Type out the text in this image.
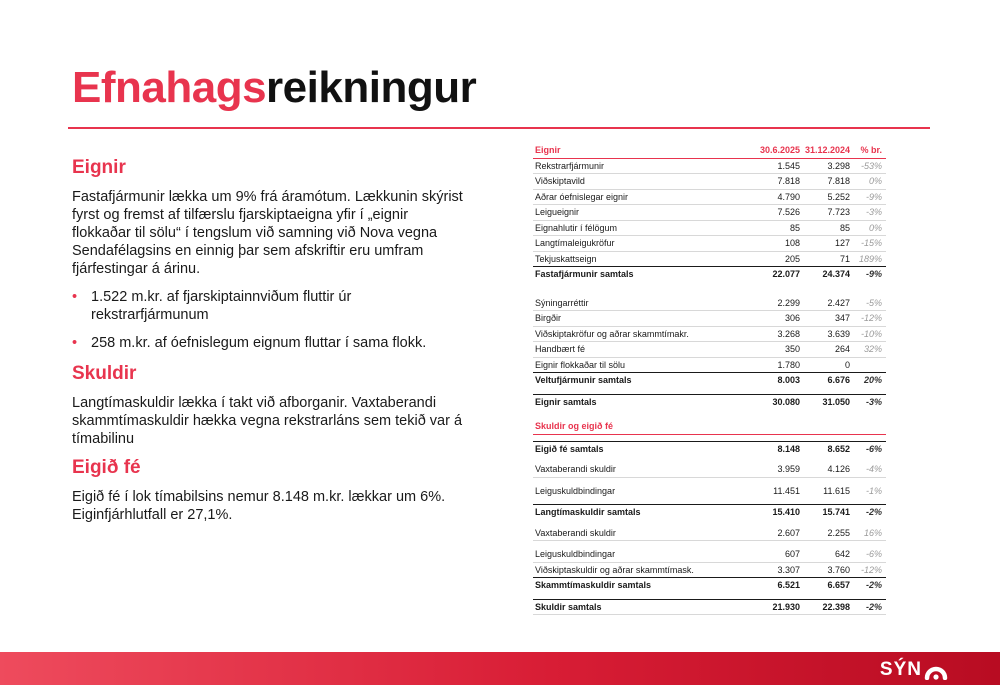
Efnahagsreikningur
Eignir

Fastafjármunir lækka um 9% frá áramótum. Lækkunin skýrist fyrst og fremst af tilfærslu fjarskiptaeigna yfir í „eignir flokkaðar til sölu“ í tengslum við samning við Nova vegna Sendafélagsins en einnig þar sem afskriftir eru umfram fjárfestingar á árinu.

• 1.522 m.kr. af fjarskiptainnviðum fluttir úr rekstrarfjármunum
• 258 m.kr. af óefnislegum eignum fluttar í sama flokk.
Skuldir

Langtímaskuldir lækka í takt við afborganir. Vaxtaberandi skammtímaskuldir hækka vegna rekstrarláns sem tekið var á tímabilinu

Eigið fé

Eigið fé í lok tímabilsins nemur 8.148 m.kr. lækkar um 6%. Eiginfjárhlutfall er 27,1%.

Eignir	30.6.2025 31.12.2024 % br.
Rekstrarfjármunir	1.545	3.298 -53%
Viðskiptavild	7.818	7.818 0%
Aðrar óefnislegar eignir	4.790	5.252 -9%
Leigueignir	7.526	7.723 -3%
Eignahlutir í félögum	85	85 0%
Langtímaleigukröfur	108	127 -15%
Tekjuskattseign	205	71 189%
Fastafjármunir samtals	22.077 24.374 -9%
Sýningarréttir	2.299	2.427 -5%
Birgðir	306	347 -12%
Viðskiptakröfur og aðrar skammtímakr.	3.268	3.639 -10%
Handbært fé	350	264 32%
Eignir flokkaðar til sölu	1.780	0
Veltufjármunir samtals	8.003	6.676 20%
Eignir samtals	30.080 31.050 -3%
Skuldir og eigið fé
Eigið fé samtals	8.148	8.652 -6%
Vaxtaberandi skuldir	3.959	4.126 -4%
Leiguskuldbindingar	11.451	11.615 -1%
Langtímaskuldir samtals	15.410 15.741 -2%
Vaxtaberandi skuldir	2.607	2.255 16%
Leiguskuldbindingar	607	642 -6%
Viðskiptaskuldir og aðrar skammtímask.	3.307	3.760 -12%
Skammtímaskuldir samtals	6.521	6.657 -2%
Skuldir samtals	21.930 22.398 -2%
SÝN
